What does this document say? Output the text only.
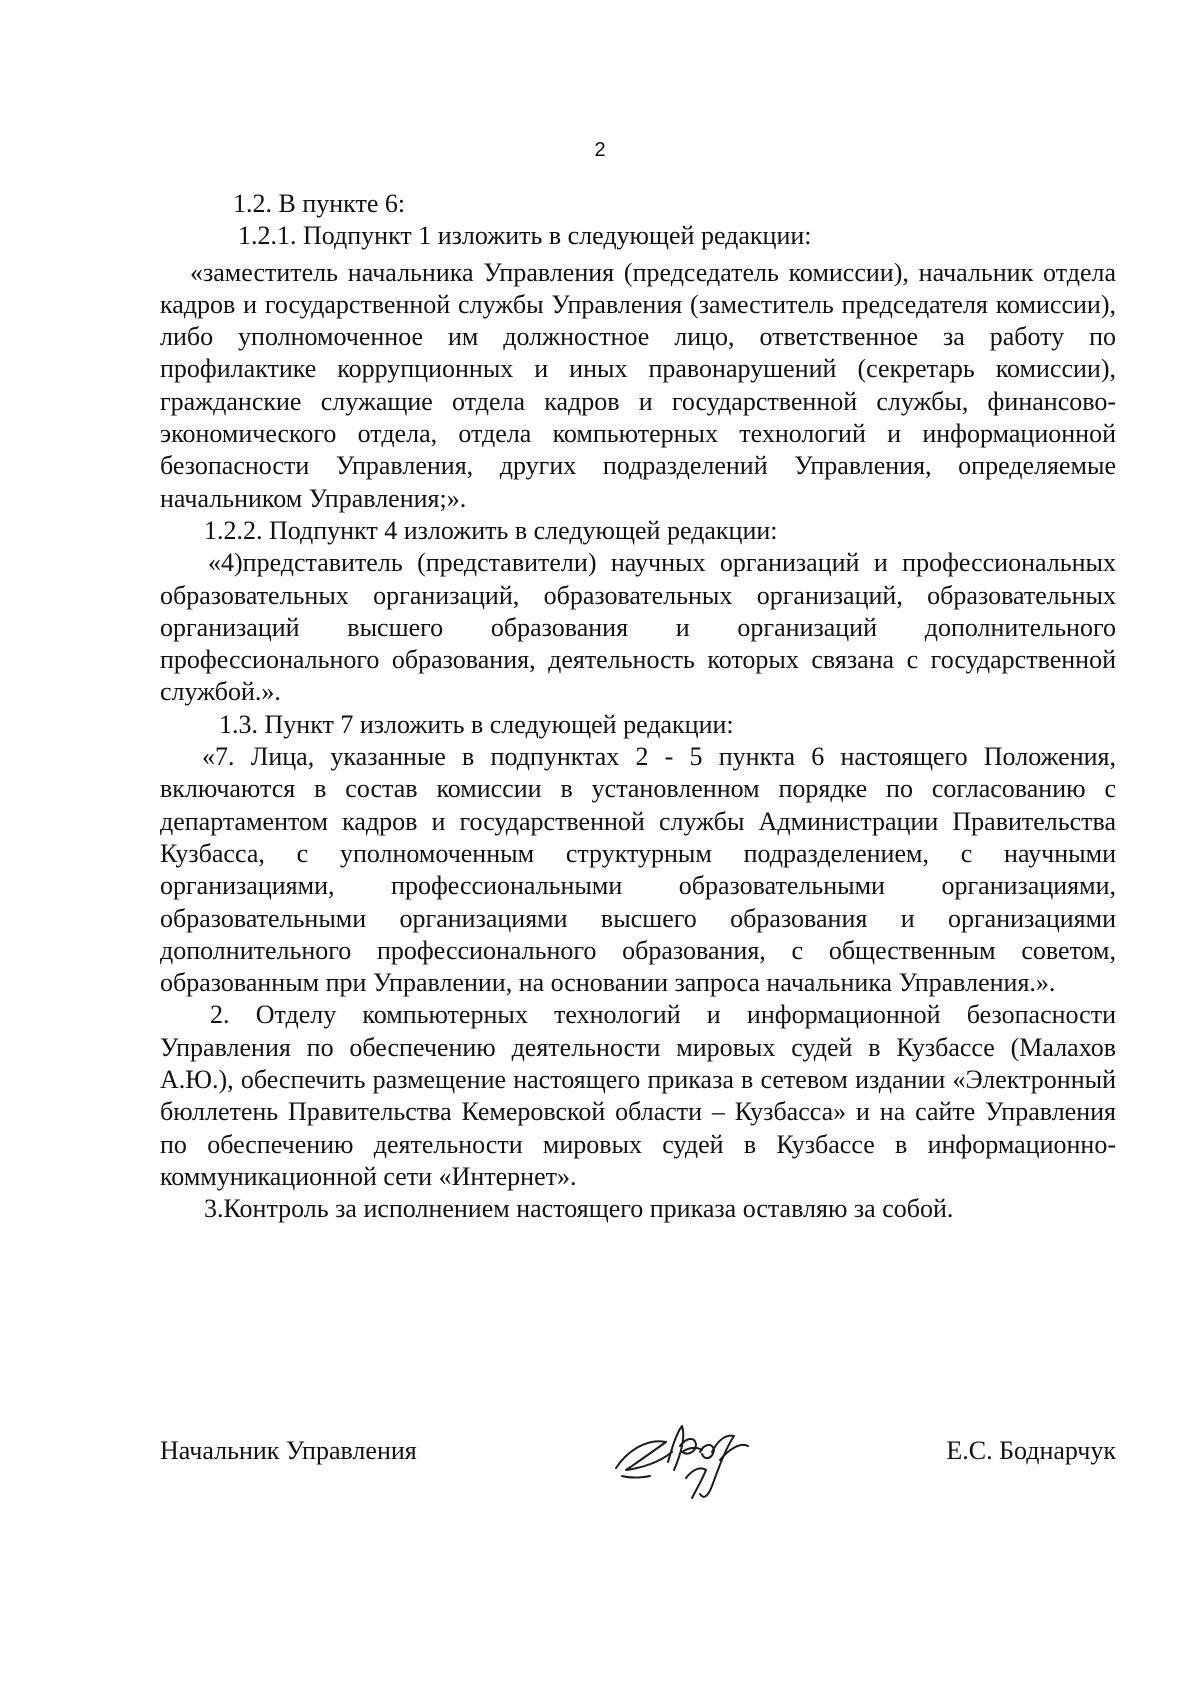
2

1.2. В пункте 6:

1.2.1. Подпункт 1 изложить в следующей редакции:

«заместитель начальника Управления (председатель комиссии), начальник отдела кадров и государственной службы Управления (заместитель председателя комиссии), либо уполномоченное им должностное лицо, ответственное за работу по профилактике коррупционных и иных правонарушений (секретарь комиссии), гражданские служащие отдела кадров и государственной службы, финансово-экономического отдела, отдела компьютерных технологий и информационной безопасности Управления, других подразделений Управления, определяемые начальником Управления;».

1.2.2. Подпункт 4 изложить в следующей редакции:

«4)представитель (представители) научных организаций и профессиональных образовательных организаций, образовательных организаций, образовательных организаций высшего образования и организаций дополнительного профессионального образования, деятельность которых связана с государственной службой.».

1.3. Пункт 7 изложить в следующей редакции:

«7. Лица, указанные в подпунктах 2 - 5 пункта 6 настоящего Положения, включаются в состав комиссии в установленном порядке по согласованию с департаментом кадров и государственной службы Администрации Правительства Кузбасса, с уполномоченным структурным подразделением, с научными организациями, профессиональными образовательными организациями, образовательными организациями высшего образования и организациями дополнительного профессионального образования, с общественным советом, образованным при Управлении, на основании запроса начальника Управления.».

2. Отделу компьютерных технологий и информационной безопасности Управления по обеспечению деятельности мировых судей в Кузбассе (Малахов А.Ю.), обеспечить размещение настоящего приказа в сетевом издании «Электронный бюллетень Правительства Кемеровской области – Кузбасса» и на сайте Управления по обеспечению деятельности мировых судей в Кузбассе в информационно-коммуникационной сети «Интернет».

3.Контроль за исполнением настоящего приказа оставляю за собой.

Начальник Управления	Е.С. Боднарчук
